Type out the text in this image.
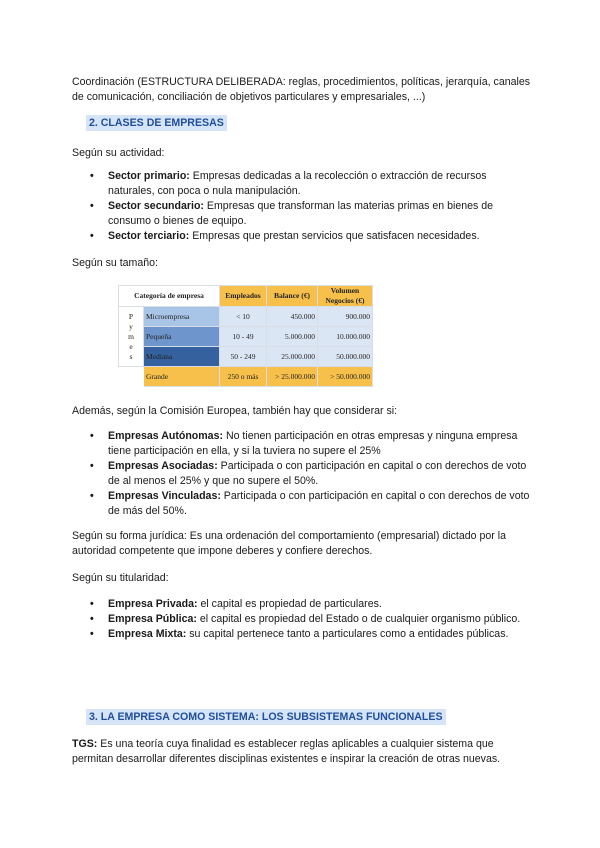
Coordinación (ESTRUCTURA DELIBERADA: reglas, procedimientos, políticas, jerarquía, canales de comunicación, conciliación de objetivos particulares y empresariales, ...)

2. CLASES DE EMPRESAS

Según su actividad:

• Sector primario: Empresas dedicadas a la recolección o extracción de recursos naturales, con poca o nula manipulación.
• Sector secundario: Empresas que transforman las materias primas en bienes de consumo o bienes de equipo.
• Sector terciario: Empresas que prestan servicios que satisfacen necesidades.

Según su tamaño:

Categoría de empresa		Empleados	Balance (€)	Volumen Negocios (€)

P
y
m
e
s	Microempresa	< 10	450.000	900.000
	Pequeña	10 - 49	5.000.000	10.000.000
	Mediana	50 - 249	25.000.000	50.000.000
	Grande	250 o más	> 25.000.000	> 50.000.000

Además, según la Comisión Europea, también hay que considerar si:

• Empresas Autónomas: No tienen participación en otras empresas y ninguna empresa tiene participación en ella, y si la tuviera no supere el 25%
• Empresas Asociadas: Participada o con participación en capital o con derechos de voto de al menos el 25% y que no supere el 50%.
• Empresas Vinculadas: Participada o con participación en capital o con derechos de voto de más del 50%.

Según su forma jurídica: Es una ordenación del comportamiento (empresarial) dictado por la autoridad competente que impone deberes y confiere derechos.

Según su titularidad:

• Empresa Privada: el capital es propiedad de particulares.
• Empresa Pública: el capital es propiedad del Estado o de cualquier organismo público.
• Empresa Mixta: su capital pertenece tanto a particulares como a entidades públicas.
3. LA EMPRESA COMO SISTEMA: LOS SUBSISTEMAS FUNCIONALES

TGS: Es una teoría cuya finalidad es establecer reglas aplicables a cualquier sistema que permitan desarrollar diferentes disciplinas existentes e inspirar la creación de otras nuevas.
